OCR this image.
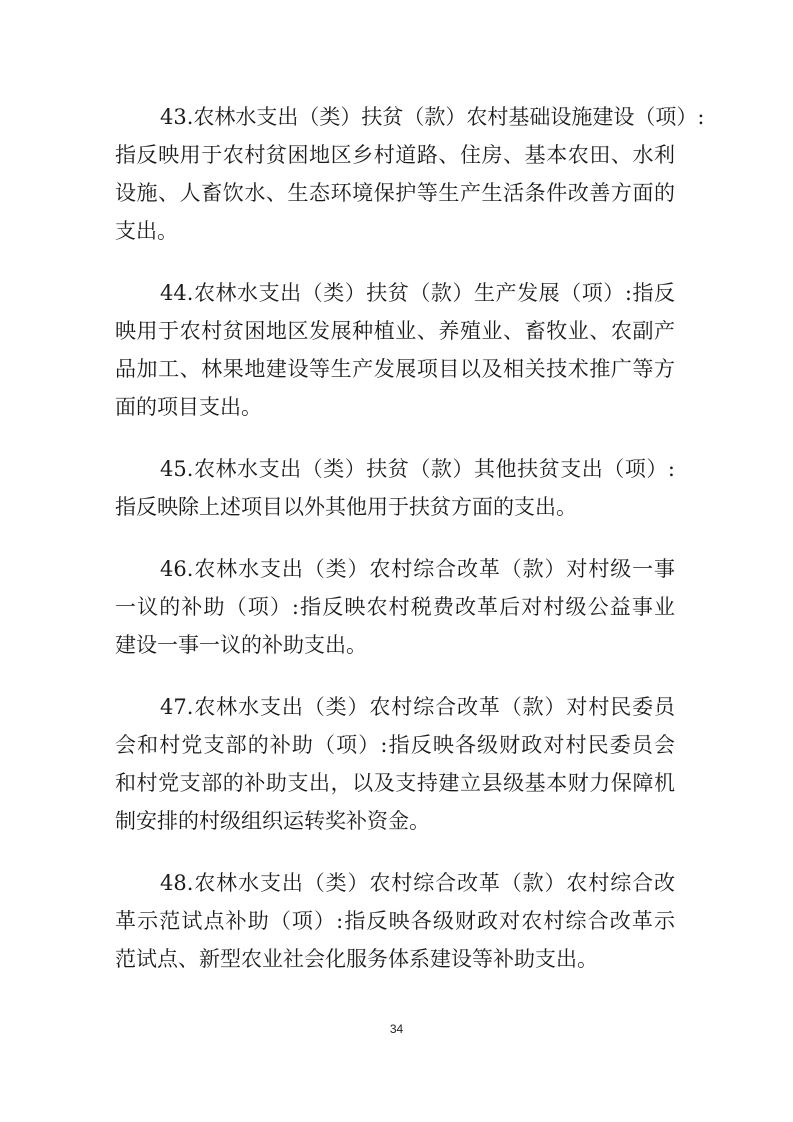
43.农林水支出（类）扶贫（款）农村基础设施建设（项）:
指反映用于农村贫困地区乡村道路、住房、基本农田、水利
设施、人畜饮水、生态环境保护等生产生活条件改善方面的
支出。
44.农林水支出（类）扶贫（款）生产发展（项）:指反
映用于农村贫困地区发展种植业、养殖业、畜牧业、农副产
品加工、林果地建设等生产发展项目以及相关技术推广等方
面的项目支出。
45.农林水支出（类）扶贫（款）其他扶贫支出（项）:
指反映除上述项目以外其他用于扶贫方面的支出。
46.农林水支出（类）农村综合改革（款）对村级一事
一议的补助（项）:指反映农村税费改革后对村级公益事业
建设一事一议的补助支出。
47.农林水支出（类）农村综合改革（款）对村民委员
会和村党支部的补助（项）:指反映各级财政对村民委员会
和村党支部的补助支出，以及支持建立县级基本财力保障机
制安排的村级组织运转奖补资金。
48.农林水支出（类）农村综合改革（款）农村综合改
革示范试点补助（项）:指反映各级财政对农村综合改革示
范试点、新型农业社会化服务体系建设等补助支出。
34
